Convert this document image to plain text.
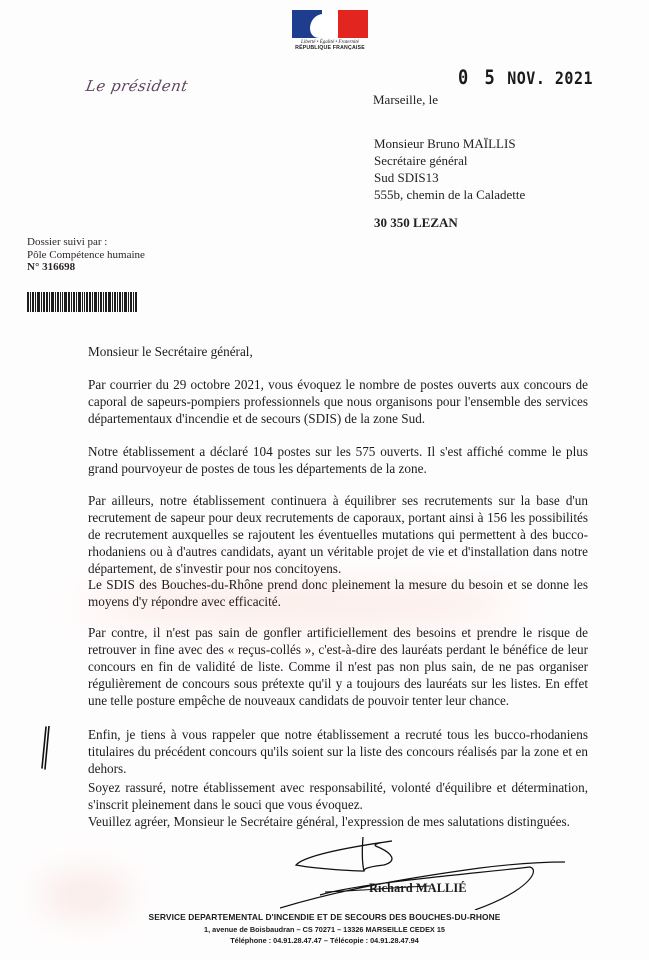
Liberté • Égalité • Fraternité
RÉPUBLIQUE FRANÇAISE
Le président	0 5 NOV. 2021
Marseille, le
Monsieur Bruno MAÏLLIS
Secrétaire général
Sud SDIS13
555b, chemin de la Caladette
30 350 LEZAN
Dossier suivi par :
Pôle Compétence humaine
N° 316698
Monsieur le Secrétaire général,

Par courrier du 29 octobre 2021, vous évoquez le nombre de postes ouverts aux concours de caporal de sapeurs-pompiers professionnels que nous organisons pour l'ensemble des services départementaux d'incendie et de secours (SDIS) de la zone Sud.

Notre établissement a déclaré 104 postes sur les 575 ouverts. Il s'est affiché comme le plus grand pourvoyeur de postes de tous les départements de la zone.

Par ailleurs, notre établissement continuera à équilibrer ses recrutements sur la base d'un recrutement de sapeur pour deux recrutements de caporaux, portant ainsi à 156 les possibilités de recrutement auxquelles se rajoutent les éventuelles mutations qui permettent à des bucco-rhodaniens ou à d'autres candidats, ayant un véritable projet de vie et d'installation dans notre département, de s'investir pour nos concitoyens.

Le SDIS des Bouches-du-Rhône prend donc pleinement la mesure du besoin et se donne les moyens d'y répondre avec efficacité.

Par contre, il n'est pas sain de gonfler artificiellement des besoins et prendre le risque de retrouver in fine avec des « reçus-collés », c'est-à-dire des lauréats perdant le bénéfice de leur concours en fin de validité de liste. Comme il n'est pas non plus sain, de ne pas organiser régulièrement de concours sous prétexte qu'il y a toujours des lauréats sur les listes. En effet une telle posture empêche de nouveaux candidats de pouvoir tenter leur chance.

Enfin, je tiens à vous rappeler que notre établissement a recruté tous les bucco-rhodaniens titulaires du précédent concours qu'ils soient sur la liste des concours réalisés par la zone et en dehors.

Soyez rassuré, notre établissement avec responsabilité, volonté d'équilibre et détermination, s'inscrit pleinement dans le souci que vous évoquez.

Veuillez agréer, Monsieur le Secrétaire général, l'expression de mes salutations distinguées.

Richard MALLIÉ
SERVICE DEPARTEMENTAL D'INCENDIE ET DE SECOURS DES BOUCHES-DU-RHONE
1, avenue de Boisbaudran – CS 70271 – 13326 MARSEILLE CEDEX 15
Téléphone : 04.91.28.47.47 – Télécopie : 04.91.28.47.94
